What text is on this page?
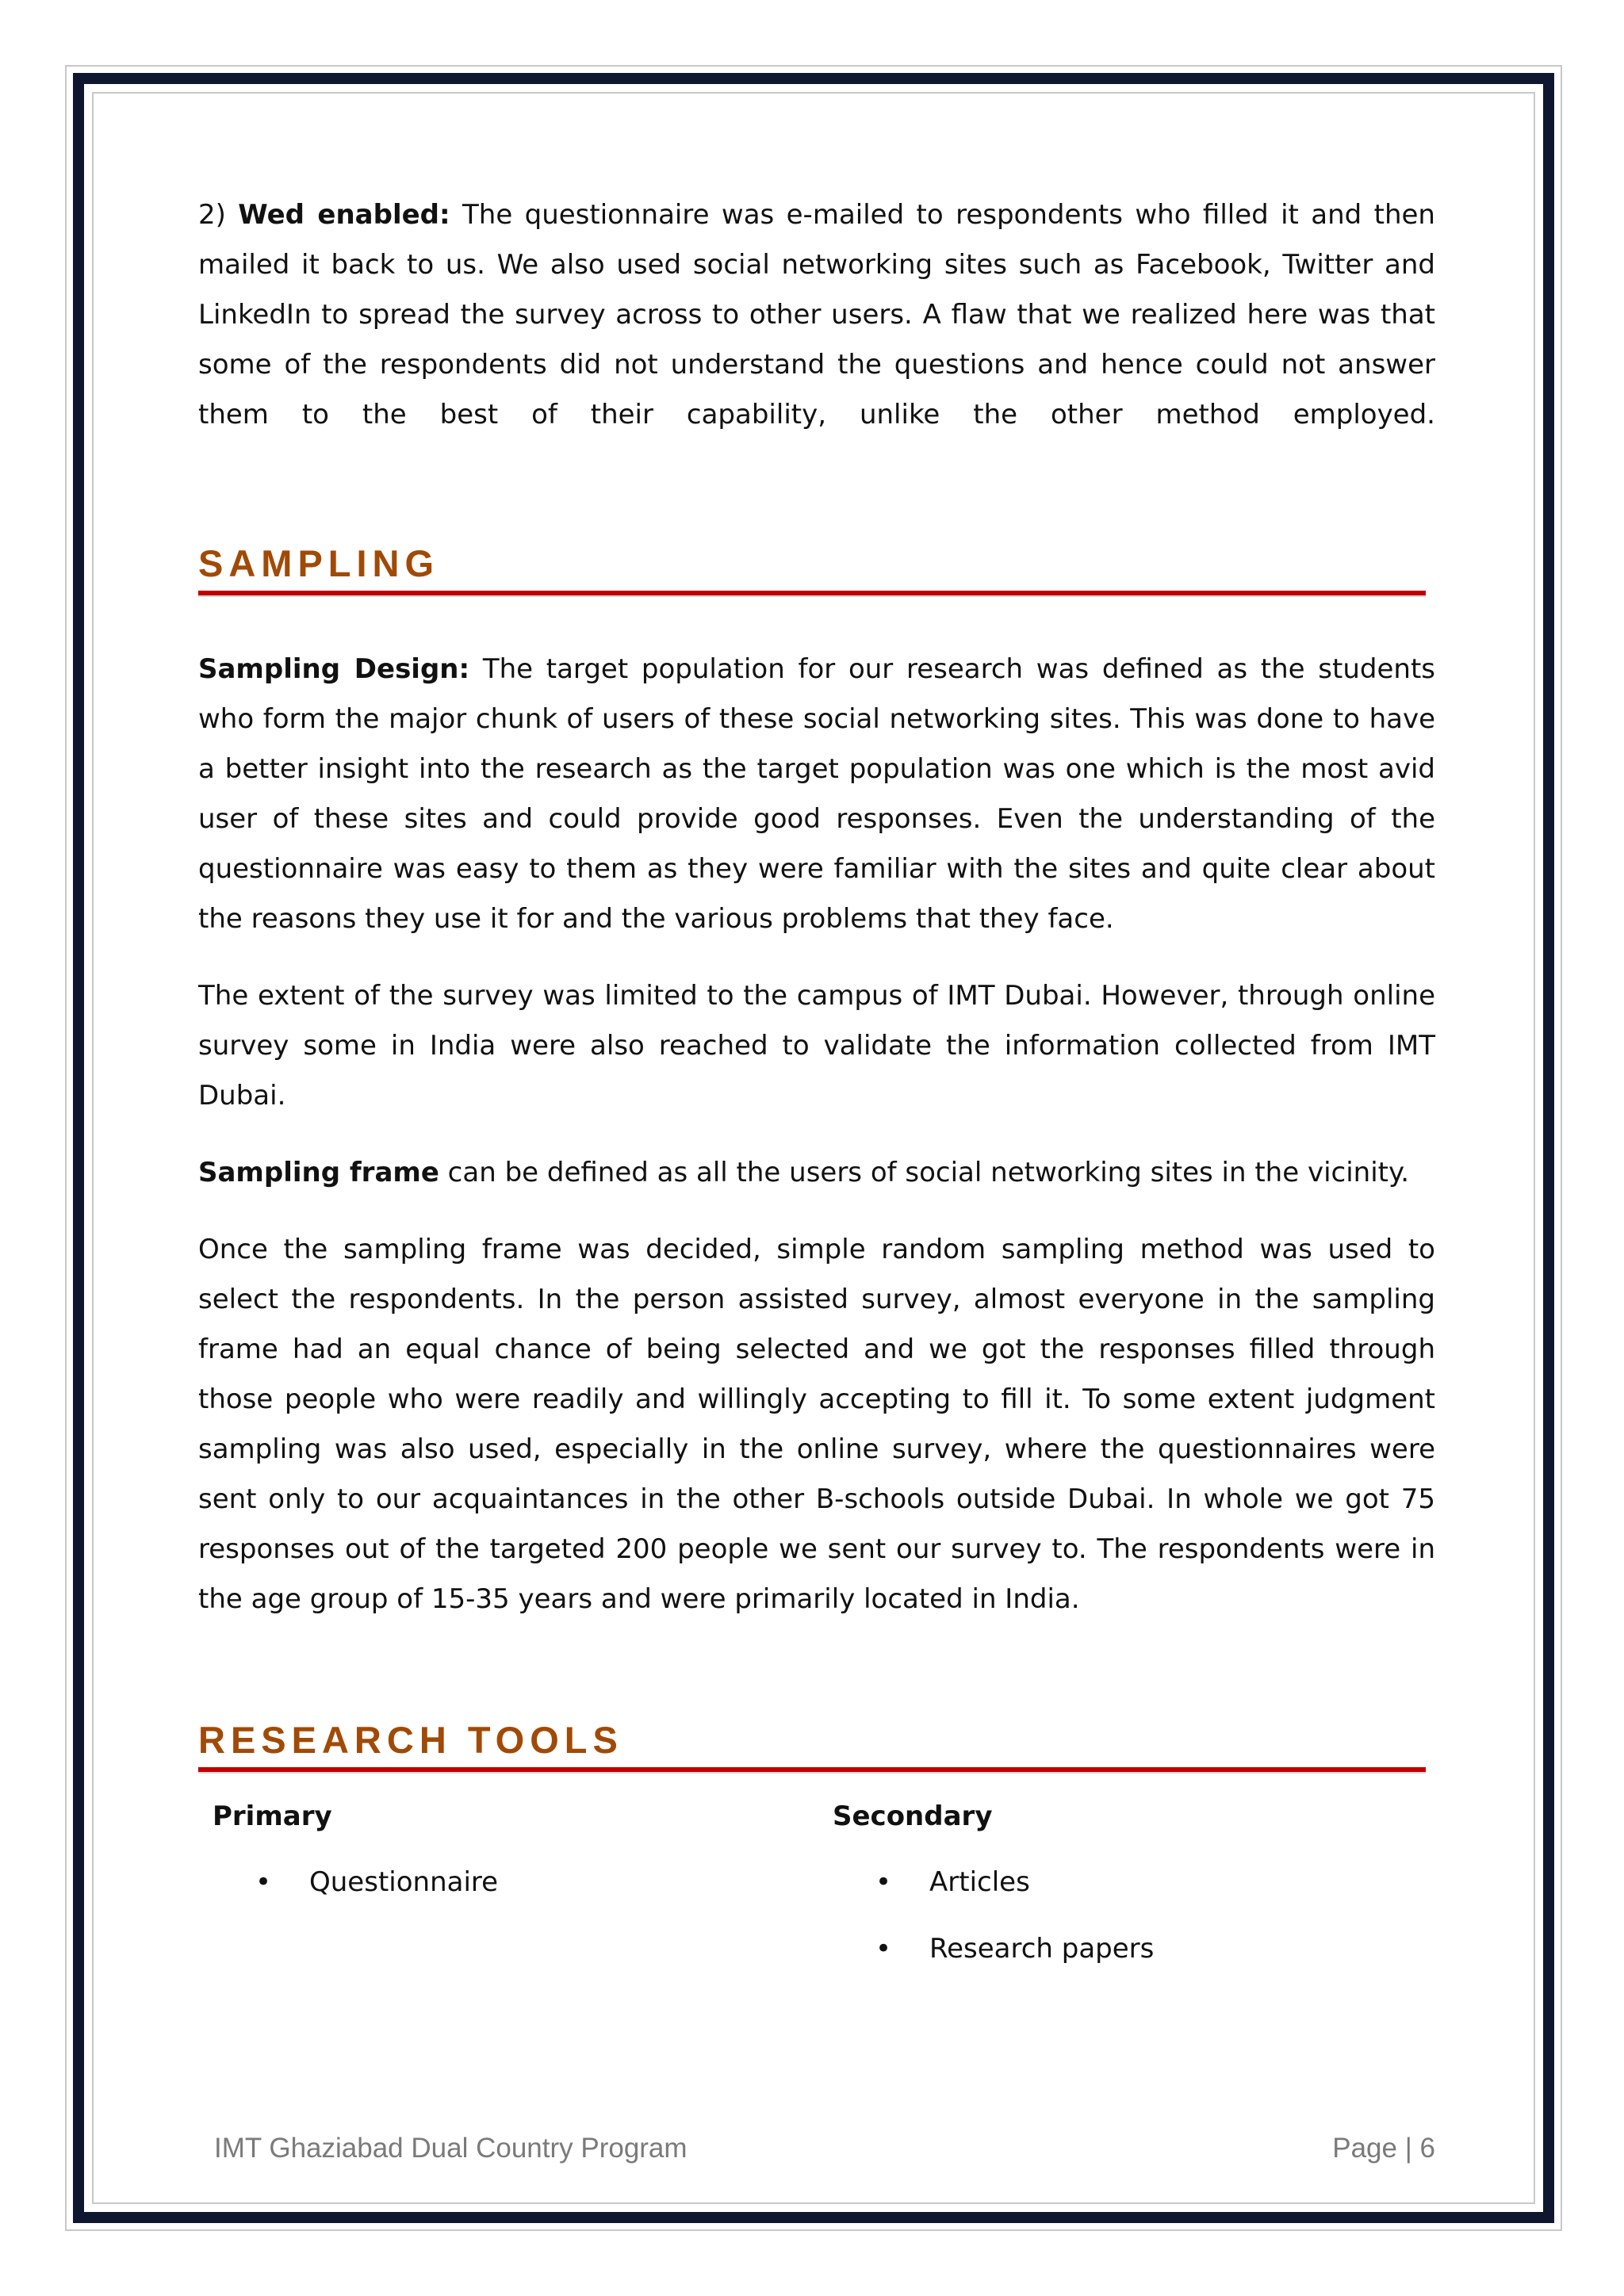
2) Wed enabled: The questionnaire was e-mailed to respondents who filled it and then mailed it back to us. We also used social networking sites such as Facebook, Twitter and LinkedIn to spread the survey across to other users. A flaw that we realized here was that some of the respondents did not understand the questions and hence could not answer them to the best of their capability, unlike the other method employed.

SAMPLING

Sampling Design: The target population for our research was defined as the students who form the major chunk of users of these social networking sites. This was done to have a better insight into the research as the target population was one which is the most avid user of these sites and could provide good responses. Even the understanding of the questionnaire was easy to them as they were familiar with the sites and quite clear about the reasons they use it for and the various problems that they face.

The extent of the survey was limited to the campus of IMT Dubai. However, through online survey some in India were also reached to validate the information collected from IMT Dubai.

Sampling frame can be defined as all the users of social networking sites in the vicinity.

Once the sampling frame was decided, simple random sampling method was used to select the respondents. In the person assisted survey, almost everyone in the sampling frame had an equal chance of being selected and we got the responses filled through those people who were readily and willingly accepting to fill it. To some extent judgment sampling was also used, especially in the online survey, where the questionnaires were sent only to our acquaintances in the other B-schools outside Dubai. In whole we got 75 responses out of the targeted 200 people we sent our survey to. The respondents were in the age group of 15-35 years and were primarily located in India.

RESEARCH TOOLS
Primary
• Questionnaire
Secondary
• Articles
• Research papers
IMT Ghaziabad Dual Country Program	Page | 6
